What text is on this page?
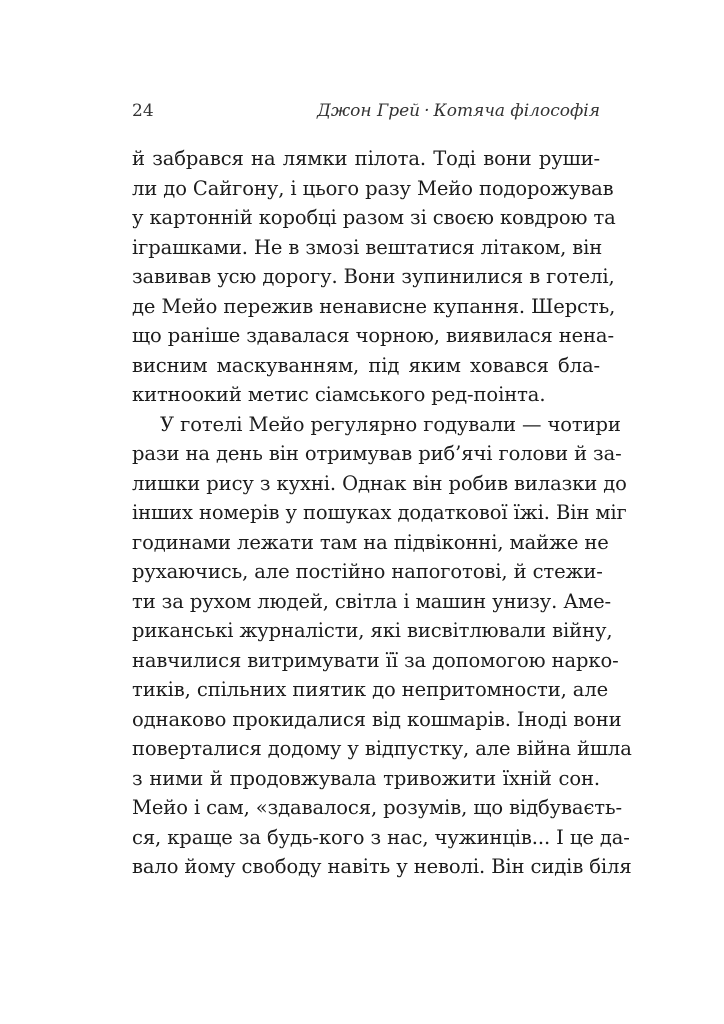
24	Джон Грей · Котяча філософія
й забрався на лямки пілота. Тоді вони руши-
ли до Сайгону, і цього разу Мейо подорожував
у картонній коробці разом зі своєю ковдрою та
іграшками. Не в змозі вештатися літаком, він
завивав усю дорогу. Вони зупинилися в готелі,
де Мейо пережив ненависне купання. Шерсть,
що раніше здавалася чорною, виявилася нена-
висним маскуванням, під яким ховався бла-
китноокий метис сіамського ред-поінта.
У готелі Мейо регулярно годували — чотири
рази на день він отримував риб’ячі голови й за-
лишки рису з кухні. Однак він робив вилазки до
інших номерів у пошуках додаткової їжі. Він міг
годинами лежати там на підвіконні, майже не
рухаючись, але постійно напоготові, й стежи-
ти за рухом людей, світла і машин унизу. Аме-
риканські журналісти, які висвітлювали війну,
навчилися витримувати її за допомогою нарко-
тиків, спільних пиятик до непритомности, але
однаково прокидалися від кошмарів. Іноді вони
поверталися додому у відпустку, але війна йшла
з ними й продовжувала тривожити їхній сон.
Мейо і сам, «здавалося, розумів, що відбуваєть-
ся, краще за будь-кого з нас, чужинців... І це да-
вало йому свободу навіть у неволі. Він сидів біля
